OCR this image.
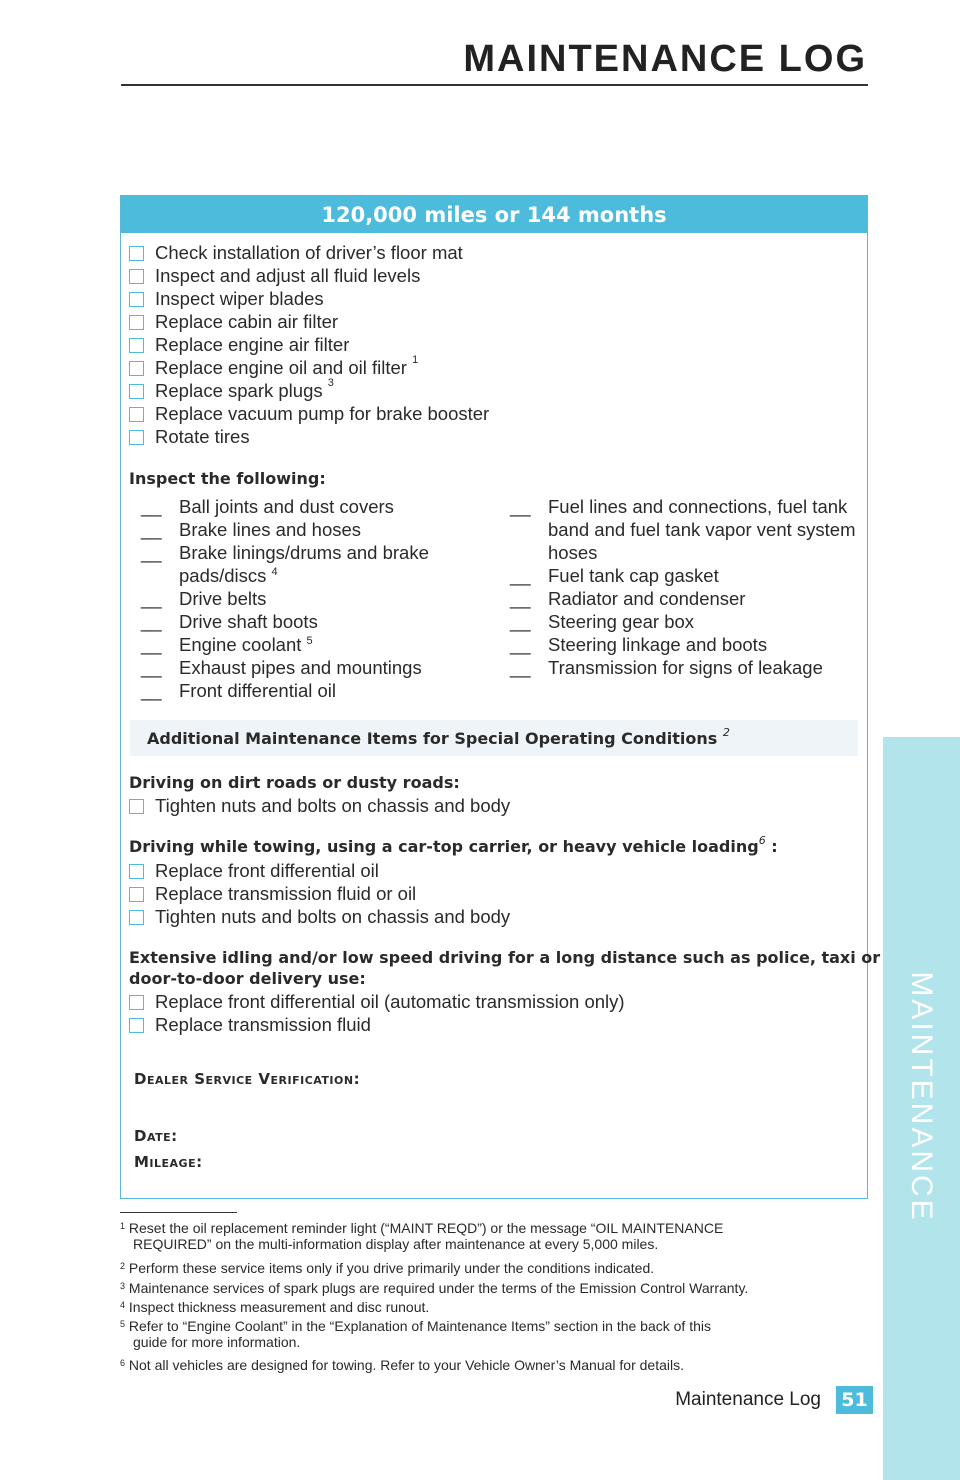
MAINTENANCE LOG
MAINTENANCE
120,000 miles or 144 months
Check installation of driver’s floor mat
Inspect and adjust all fluid levels
Inspect wiper blades
Replace cabin air filter
Replace engine air filter
Replace engine oil and oil filter $^1$
Replace spark plugs $^3$
Replace vacuum pump for brake booster
Rotate tires
Inspect the following:
__ Ball joints and dust covers
__ Brake lines and hoses
__ Brake linings/drums and brake pads/discs $^4$
__ Drive belts
__ Drive shaft boots
__ Engine coolant $^5$
__ Exhaust pipes and mountings
__ Front differential oil
__ Fuel lines and connections, fuel tank band and fuel tank vapor vent system hoses
__ Fuel tank cap gasket
__ Radiator and condenser
__ Steering gear box
__ Steering linkage and boots
__ Transmission for signs of leakage
Additional Maintenance Items for Special Operating Conditions $^2$
Driving on dirt roads or dusty roads:
Tighten nuts and bolts on chassis and body
Driving while towing, using a car-top carrier, or heavy vehicle loading$^6$ :
Replace front differential oil
Replace transmission fluid or oil
Tighten nuts and bolts on chassis and body
Extensive idling and/or low speed driving for a long distance such as police, taxi or
door-to-door delivery use:
Replace front differential oil (automatic transmission only)
Replace transmission fluid
Dealer Service Verification:
Date:
Mileage:
$^1$ Reset the oil replacement reminder light (“MAINT REQD”) or the message “OIL MAINTENANCE
REQUIRED” on the multi-information display after maintenance at every 5,000 miles.
$^2$ Perform these service items only if you drive primarily under the conditions indicated.
$^3$ Maintenance services of spark plugs are required under the terms of the Emission Control Warranty.
$^4$ Inspect thickness measurement and disc runout.
$^5$ Refer to “Engine Coolant” in the “Explanation of Maintenance Items” section in the back of this
guide for more information.
$^6$ Not all vehicles are designed for towing. Refer to your Vehicle Owner’s Manual for details.
Maintenance Log 51
